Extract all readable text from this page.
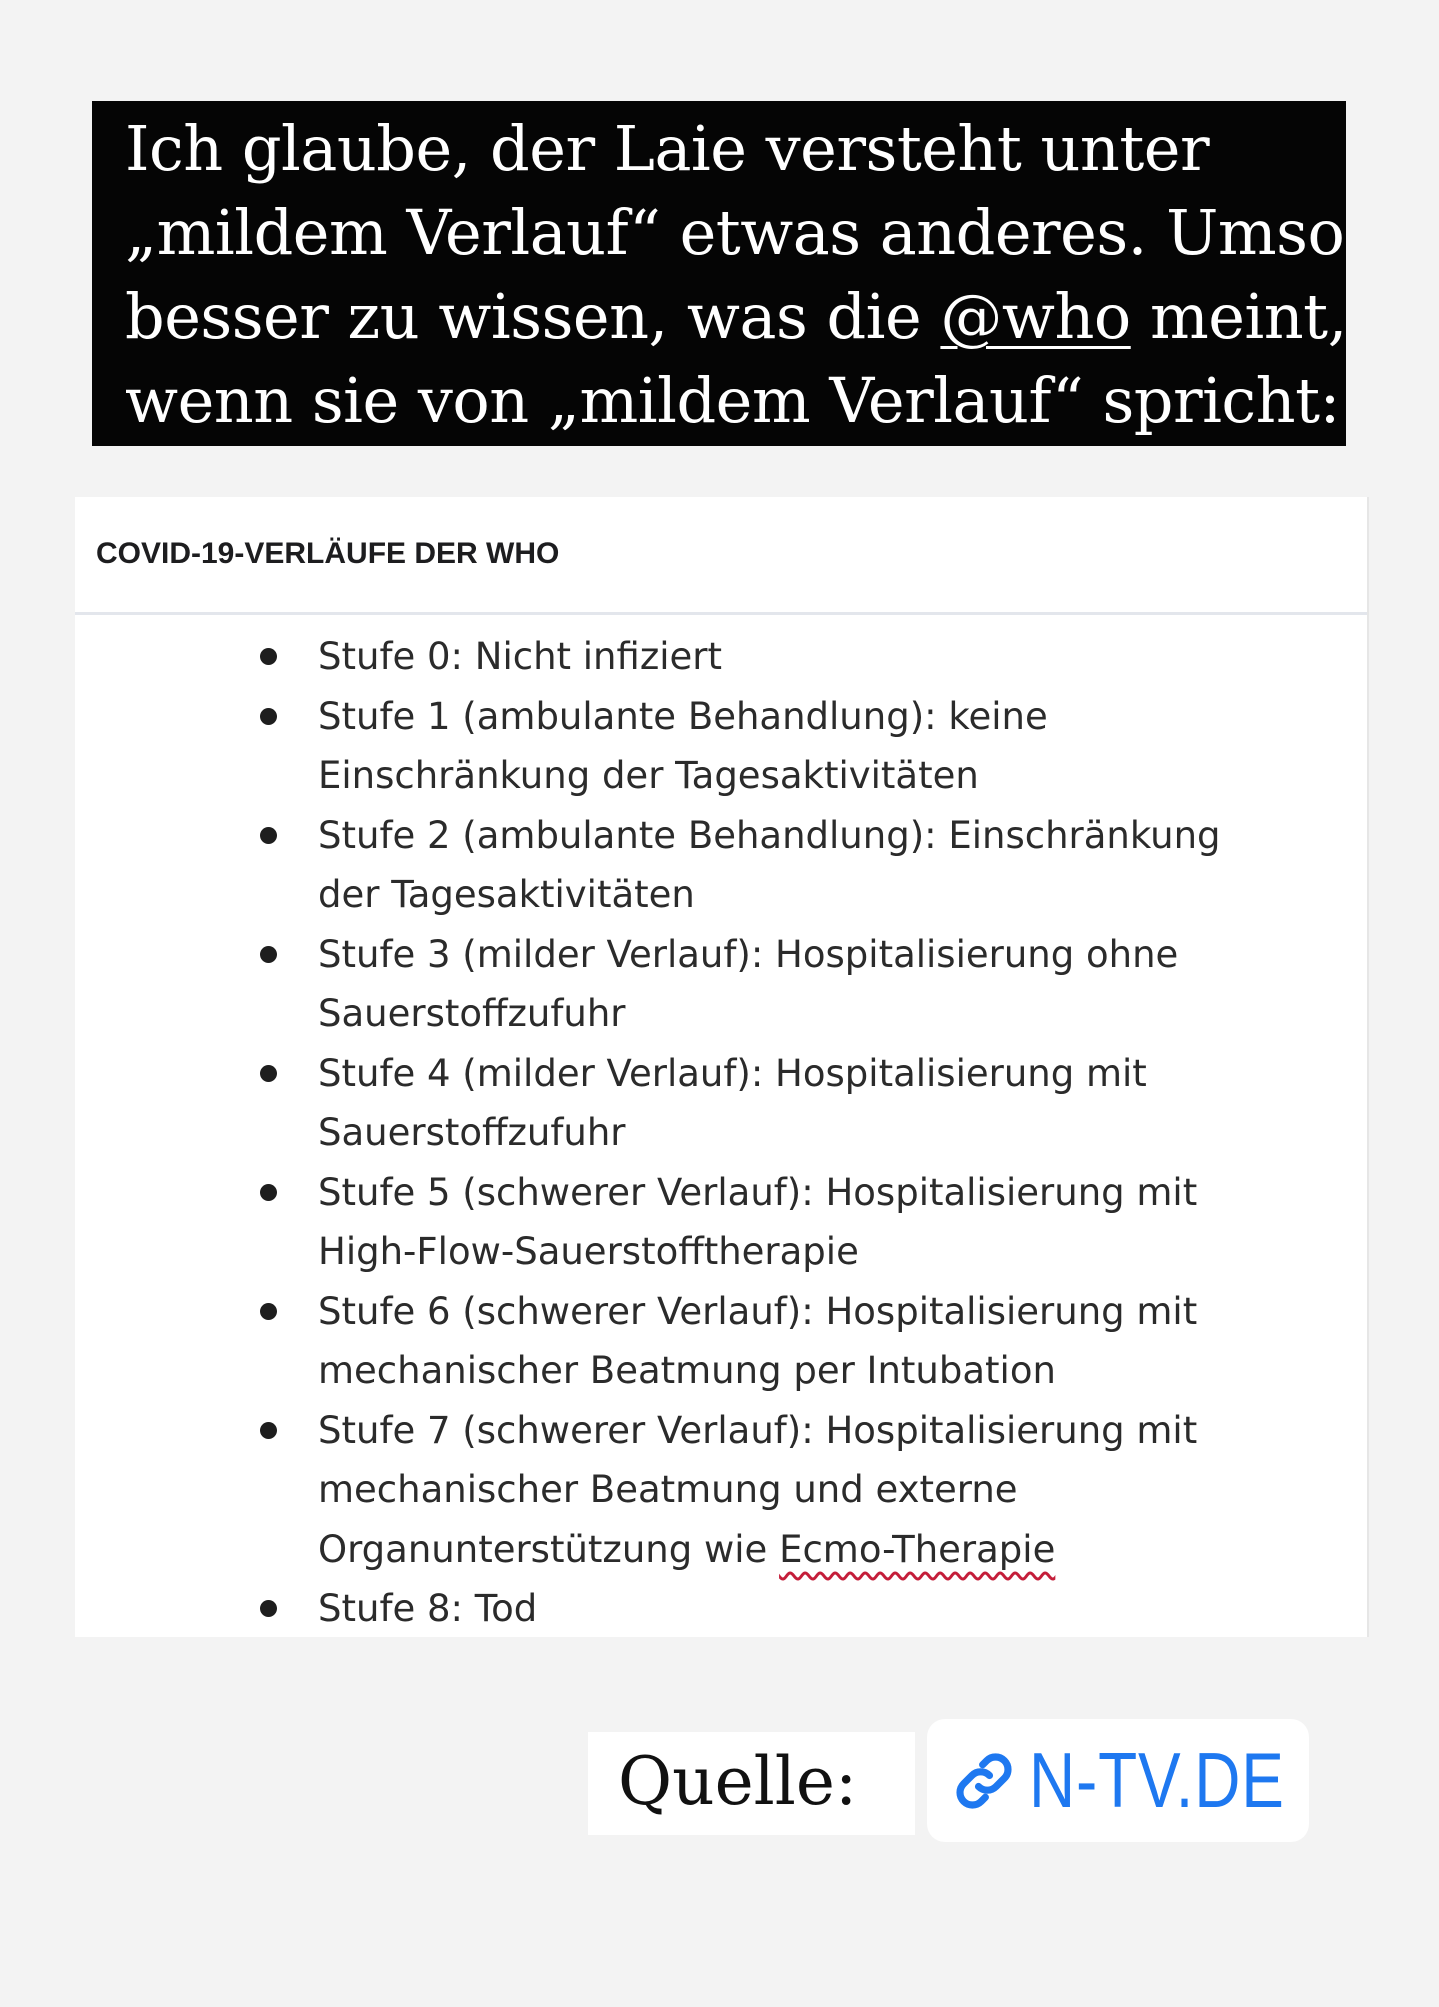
Ich glaube, der Laie versteht unter
„mildem Verlauf“ etwas anderes. Umso
besser zu wissen, was die @who meint,
wenn sie von „mildem Verlauf“ spricht:
COVID-19-VERLÄUFE DER WHO
Stufe 0: Nicht infiziert
Stufe 1 (ambulante Behandlung): keine
Einschränkung der Tagesaktivitäten
Stufe 2 (ambulante Behandlung): Einschränkung
der Tagesaktivitäten
Stufe 3 (milder Verlauf): Hospitalisierung ohne
Sauerstoffzufuhr
Stufe 4 (milder Verlauf): Hospitalisierung mit
Sauerstoffzufuhr
Stufe 5 (schwerer Verlauf): Hospitalisierung mit
High-Flow-Sauerstofftherapie
Stufe 6 (schwerer Verlauf): Hospitalisierung mit
mechanischer Beatmung per Intubation
Stufe 7 (schwerer Verlauf): Hospitalisierung mit
mechanischer Beatmung und externe
Organunterstützung wie Ecmo-Therapie
Stufe 8: Tod
Quelle:	N-TV.DE
